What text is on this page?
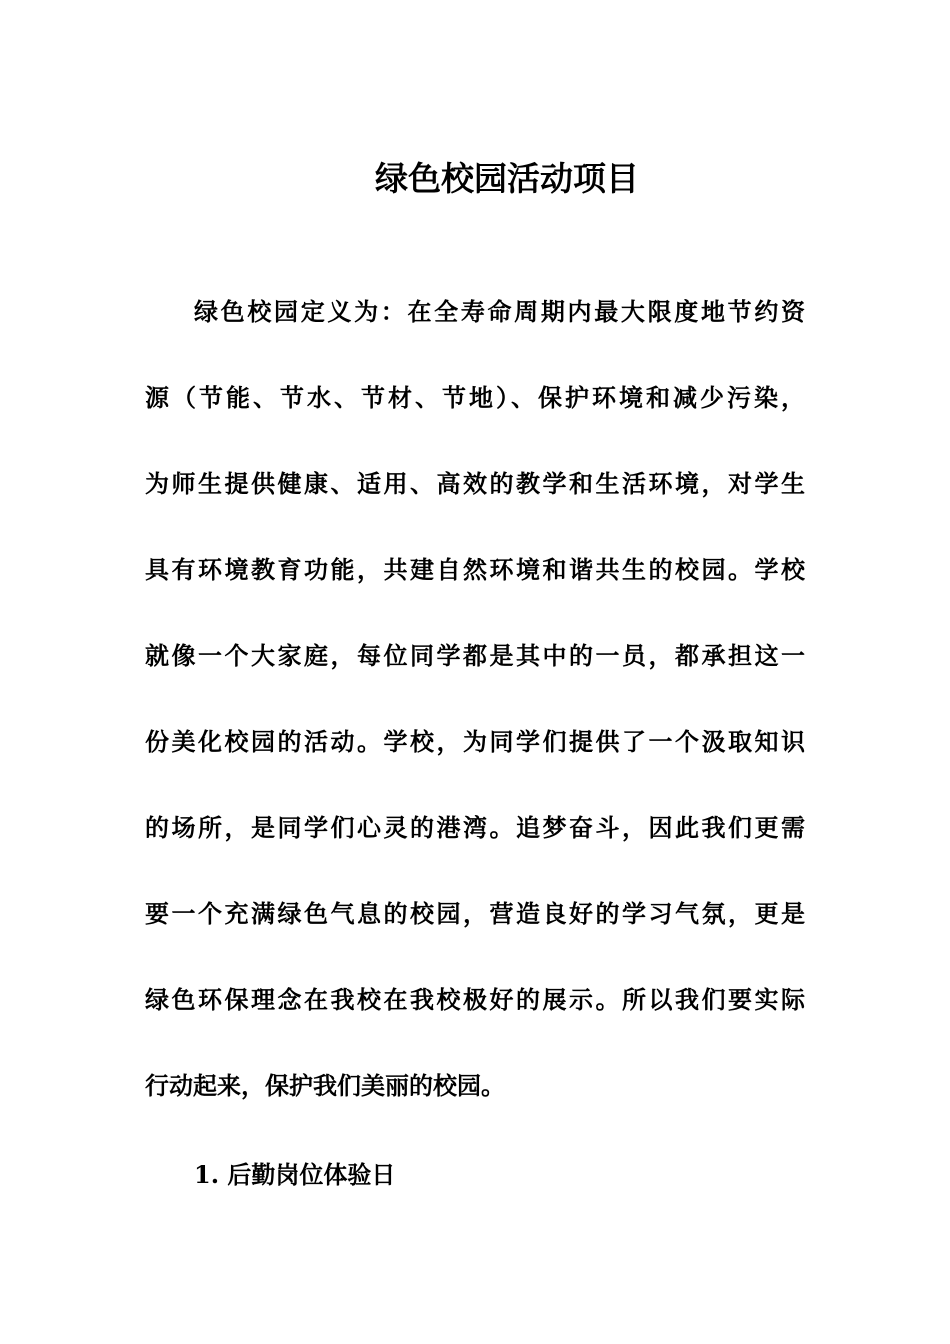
绿色校园活动项目
绿色校园定义为：在全寿命周期内最大限度地节约资
源（节能、节水、节材、节地）、保护环境和减少污染，
为师生提供健康、适用、高效的教学和生活环境，对学生
具有环境教育功能，共建自然环境和谐共生的校园。学校
就像一个大家庭，每位同学都是其中的一员，都承担这一
份美化校园的活动。学校，为同学们提供了一个汲取知识
的场所，是同学们心灵的港湾。追梦奋斗，因此我们更需
要一个充满绿色气息的校园，营造良好的学习气氛，更是
绿色环保理念在我校在我校极好的展示。所以我们要实际
行动起来，保护我们美丽的校园。
1. 后勤岗位体验日
